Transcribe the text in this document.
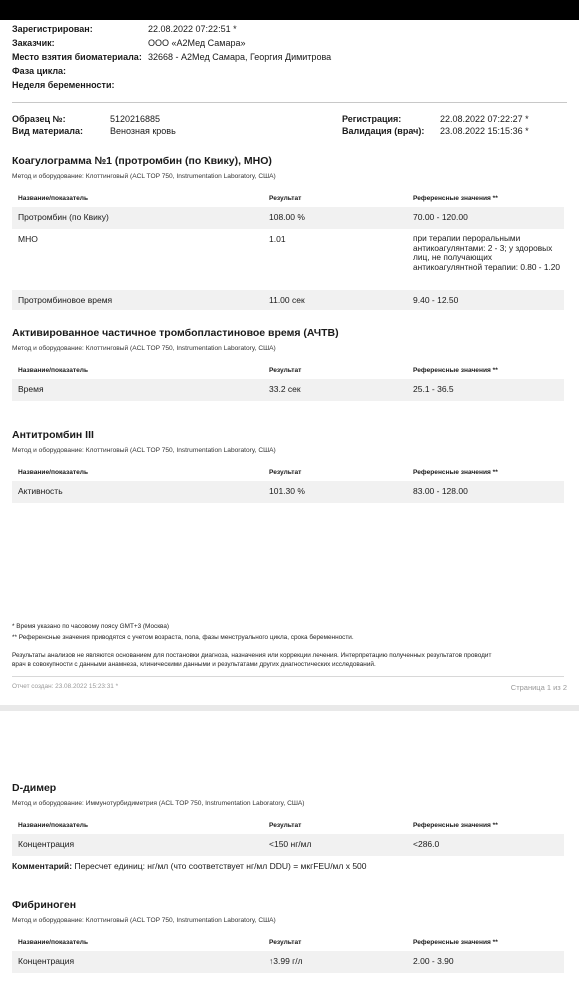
Зарегистрирован:	22.08.2022 07:22:51 *
Заказчик:	ООО «А2Мед Самара»
Место взятия биоматериала: 32668 - А2Мед Самара, Георгия Димитрова
Фаза цикла:
Неделя беременности:
Образец №:	5120216885
Вид материала:	Венозная кровь
Регистрация:	22.08.2022 07:22:27 *
Валидация (врач): 23.08.2022 15:15:36 *
Коагулограмма №1 (протромбин (по Квику), МНО)
Метод и оборудование: Клоттинговый (ACL TOP 750, Instrumentation Laboratory, США)
Название/показатель	Результат	Референсные значения **
Протромбин (по Квику)	108.00 %	70.00 - 120.00
МНО	1.01	при терапии пероральными антикоагулянтами: 2 - 3; у здоровых лиц, не получающих антикоагулянтной терапии: 0.80 - 1.20
Протромбиновое время	11.00 сек	9.40 - 12.50
Активированное частичное тромбопластиновое время (АЧТВ)
Метод и оборудование: Клоттинговый (ACL TOP 750, Instrumentation Laboratory, США)
Название/показатель	Результат	Референсные значения **
Время	33.2 сек	25.1 - 36.5
Антитромбин III
Метод и оборудование: Клоттинговый (ACL TOP 750, Instrumentation Laboratory, США)
Название/показатель	Результат	Референсные значения **
Активность	101.30 %	83.00 - 128.00
* Время указано по часовому поясу GMT+3 (Москва)
** Референсные значения приводятся с учетом возраста, пола, фазы менструального цикла, срока беременности.
Результаты анализов не являются основанием для постановки диагноза, назначения или коррекции лечения. Интерпретацию полученных результатов проводит
врач в совокупности с данными анамнеза, клиническими данными и результатами других диагностических исследований.
Отчет создан: 23.08.2022 15:23:31 *	Страница 1 из 2
D-димер
Метод и оборудование: Иммунотурбидиметрия (ACL TOP 750, Instrumentation Laboratory, США)
Название/показатель	Результат	Референсные значения **
Концентрация	<150 нг/мл	<286.0
Комментарий: Пересчет единиц: нг/мл (что соответствует нг/мл DDU) = мкгFEU/мл x 500
Фибриноген
Метод и оборудование: Клоттинговый (ACL TOP 750, Instrumentation Laboratory, США)
Название/показатель	Результат	Референсные значения **
Концентрация	↑3.99 г/л	2.00 - 3.90
